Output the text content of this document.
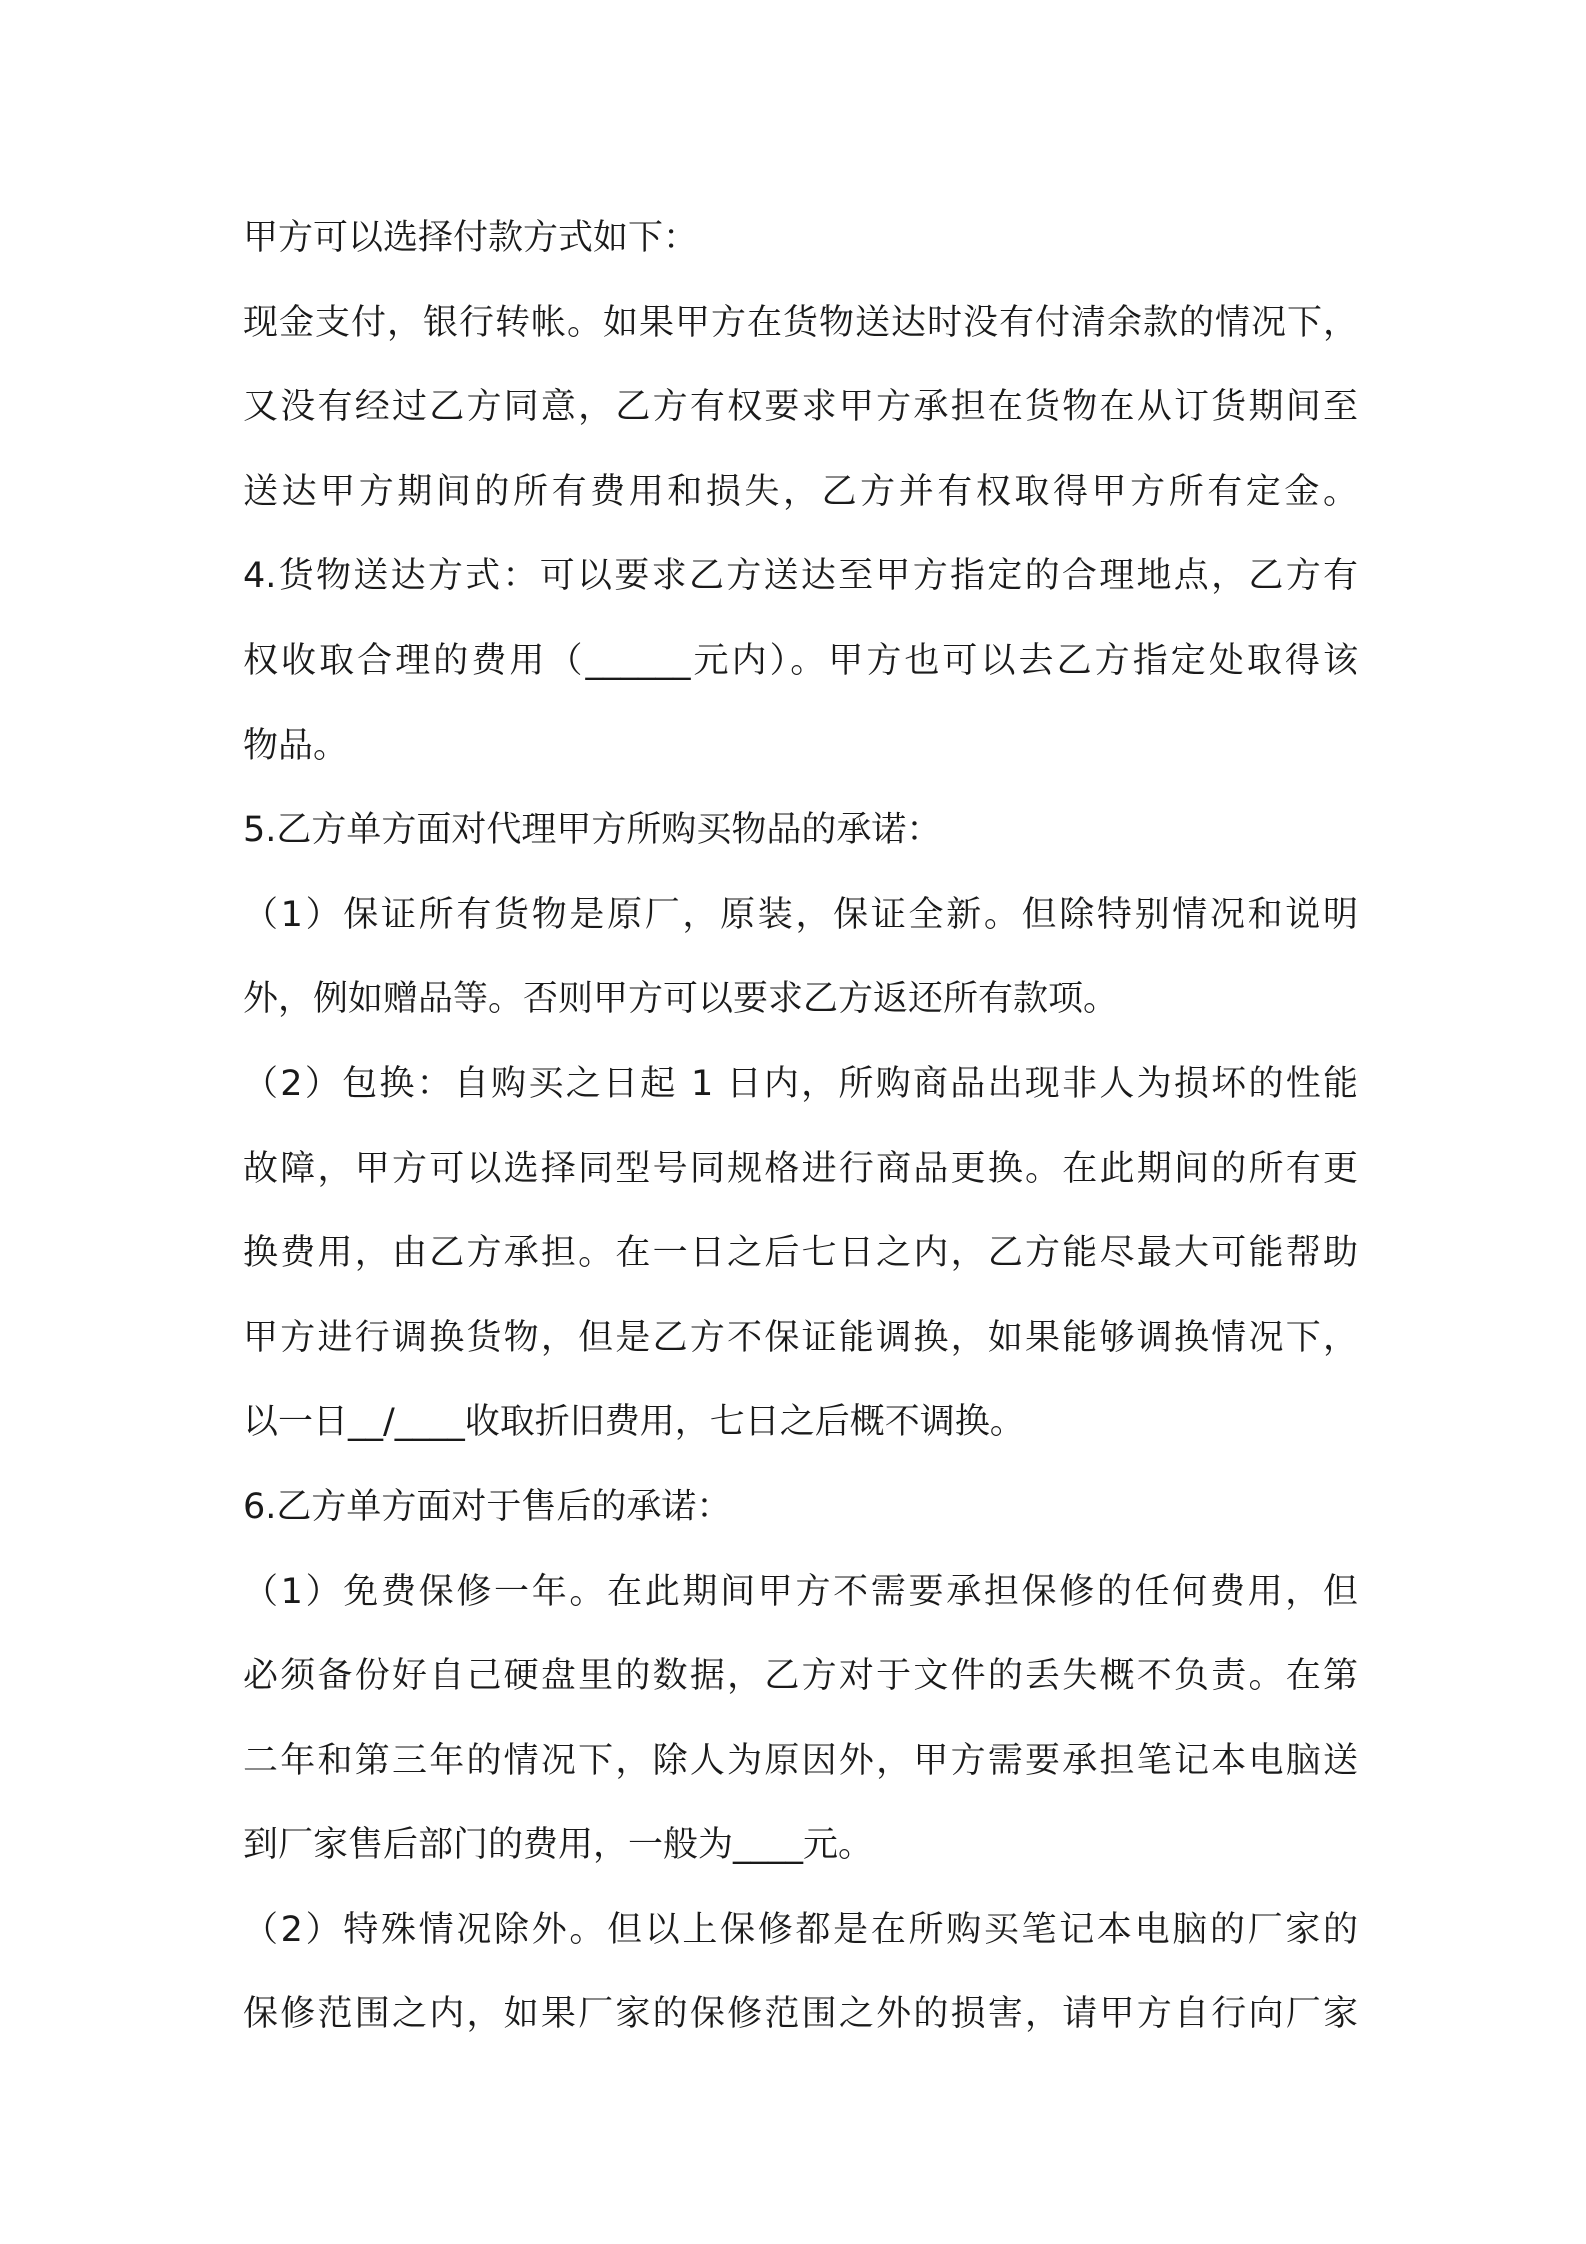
甲方可以选择付款方式如下：
现金支付，银行转帐。如果甲方在货物送达时没有付清余款的情况下，
又没有经过乙方同意，乙方有权要求甲方承担在货物在从订货期间至
送达甲方期间的所有费用和损失，乙方并有权取得甲方所有定金。
4.货物送达方式：可以要求乙方送达至甲方指定的合理地点，乙方有
权收取合理的费用（______元内）。甲方也可以去乙方指定处取得该
物品。
5.乙方单方面对代理甲方所购买物品的承诺：
（1）保证所有货物是原厂，原装，保证全新。但除特别情况和说明
外，例如赠品等。否则甲方可以要求乙方返还所有款项。
（2）包换：自购买之日起 1 日内，所购商品出现非人为损坏的性能
故障，甲方可以选择同型号同规格进行商品更换。在此期间的所有更
换费用，由乙方承担。在一日之后七日之内，乙方能尽最大可能帮助
甲方进行调换货物，但是乙方不保证能调换，如果能够调换情况下，
以一日__/____收取折旧费用，七日之后概不调换。
6.乙方单方面对于售后的承诺：
（1）免费保修一年。在此期间甲方不需要承担保修的任何费用，但
必须备份好自己硬盘里的数据，乙方对于文件的丢失概不负责。在第
二年和第三年的情况下，除人为原因外，甲方需要承担笔记本电脑送
到厂家售后部门的费用，一般为____元。
（2）特殊情况除外。但以上保修都是在所购买笔记本电脑的厂家的
保修范围之内，如果厂家的保修范围之外的损害，请甲方自行向厂家
